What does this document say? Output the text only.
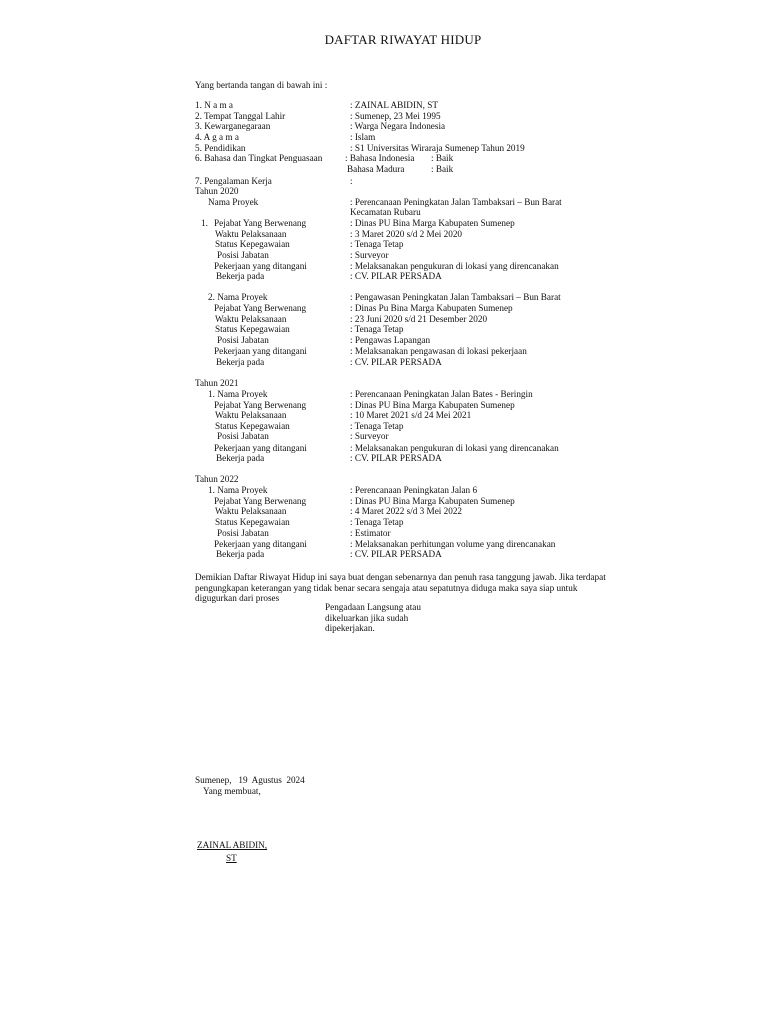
DAFTAR RIWAYAT HIDUP
Yang bertanda tangan di bawah ini :
1. N a m a	: ZAINAL ABIDIN, ST
2. Tempat Tanggal Lahir	: Sumenep, 23 Mei 1995
3. Kewarganegaraan	: Warga Negara Indonesia
4. A g a m a	: Islam
5. Pendidikan	: S1 Universitas Wiraraja Sumenep Tahun 2019
6. Bahasa dan Tingkat Penguasaan : Bahasa Indonesia : Baik
Bahasa Madura	: Baik
7. Pengalaman Kerja	:
Tahun 2020
Nama Proyek	: Perencanaan Peningkatan Jalan Tambaksari – Bun Barat
Kecamatan Rubaru
1. Pejabat Yang Berwenang	: Dinas PU Bina Marga Kabupaten Sumenep
Waktu Pelaksanaan	: 3 Maret 2020 s/d 2 Mei 2020
Status Kepegawaian	: Tenaga Tetap
Posisi Jabatan	: Surveyor
Pekerjaan yang ditangani	: Melaksanakan pengukuran di lokasi yang direncanakan
Bekerja pada	: CV. PILAR PERSADA
2. Nama Proyek	: Pengawasan Peningkatan Jalan Tambaksari – Bun Barat
Pejabat Yang Berwenang	: Dinas Pu Bina Marga Kabupaten Sumenep
Waktu Pelaksanaan	: 23 Juni 2020 s/d 21 Desember 2020
Status Kepegawaian	: Tenaga Tetap
Posisi Jabatan	: Pengawas Lapangan
Pekerjaan yang ditangani	: Melaksanakan pengawasan di lokasi pekerjaan
Bekerja pada	: CV. PILAR PERSADA
Tahun 2021
1. Nama Proyek	: Perencanaan Peningkatan Jalan Bates - Beringin
Pejabat Yang Berwenang	: Dinas PU Bina Marga Kabupaten Sumenep
Waktu Pelaksanaan	: 10 Maret 2021 s/d 24 Mei 2021
Status Kepegawaian	: Tenaga Tetap
Posisi Jabatan	: Surveyor
Pekerjaan yang ditangani	: Melaksanakan pengukuran di lokasi yang direncanakan
Bekerja pada	: CV. PILAR PERSADA
Tahun 2022
1. Nama Proyek	: Perencanaan Peningkatan Jalan 6
Pejabat Yang Berwenang	: Dinas PU Bina Marga Kabupaten Sumenep
Waktu Pelaksanaan	: 4 Maret 2022 s/d 3 Mei 2022
Status Kepegawaian	: Tenaga Tetap
Posisi Jabatan	: Estimator
Pekerjaan yang ditangani	: Melaksanakan perhitungan volume yang direncanakan
Bekerja pada	: CV. PILAR PERSADA
Demikian Daftar Riwayat Hidup ini saya buat dengan sebenarnya dan penuh rasa tanggung jawab. Jika terdapat pengungkapan keterangan yang tidak benar secara sengaja atau sepatutnya diduga maka saya siap untuk digugurkan dari proses
Pengadaan Langsung atau
dikeluarkan jika sudah
dipekerjakan.
Sumenep,   19  Agustus  2024
Yang membuat,
ZAINAL ABIDIN,
ST
